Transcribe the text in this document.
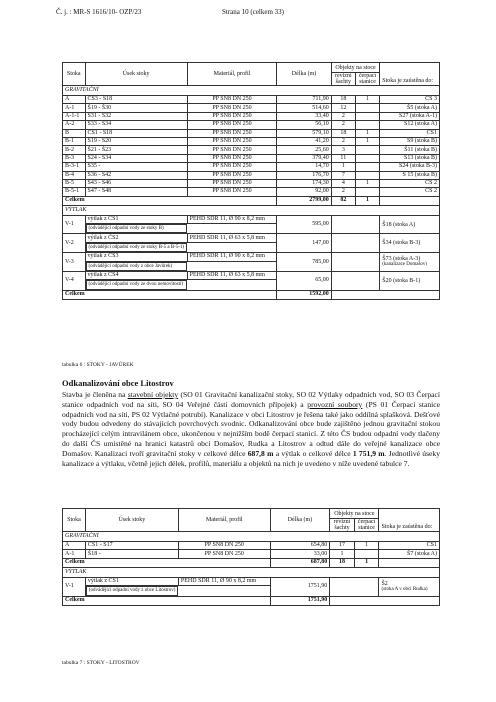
Č. j. : MR-S 1616/10- OZP/23	Strana 10 (celkem 33)
Stoka	Úsek stoky	Materiál, profil	Délka (m)	Objekty na stoce		Stoka je zaústěna do:
				revizní šachty	čerpací stanice	
GRAVITAČNÍ						
A	ČS3 - Š18	PP SN8 DN 250	711,90	18	1	ČS 3
A-1	Š19 - Š30	PP SN8 DN 250	514,60	12		Š5 (stoka A)
A-1-1	Š31 - Š32	PP SN8 DN 250	33,40	2		Š27 (stoka A-1)
A-2	Š33 - Š34	PP SN8 DN 250	56,10	2		Š12 (stoka A)
B	ČS1 - Š18	PP SN8 DN 250	579,10	18	1	ČS1
B-1	Š19 - Š20	PP SN8 DN 250	41,20	2	1	Š9 (stoka B)
B-2	Š21 - Š23	PP SN8 DN 250	25,60	3		Š11 (stoka B)
B-3	Š24 - Š34	PP SN8 DN 250	379,40	11		Š13 (stoka B)
B-3-1	Š35 -	PP SN8 DN 250	14,70	1		Š24 (stoka B-3)
B-4	Š36 - Š42	PP SN8 DN 250	176,70	7		Š 15 (stoka B)
B-5	Š43 - Š46	PP SN8 DN 250	174,30	4	1	ČS 2
B-5-1	Š47 - Š48	PP SN8 DN 250	92,00	2		ČS 2
Celkem			2799,00	82	1	
VÝTLAK						
V-1	výtlak z ČS1	PEHD SDR 11, Ø 90 x 8,2 mm	595,00			Š18 (stoka A)

(odvádějící odpadní vody ze stoky B)

V-2	výtlak z ČS2	PEHD SDR 11, Ø 63 x 5,8 mm	147,00			Š34 (stoka B-3)

(odvádějící odpadní vody ze stoky B-5 a B-5-1)

V-3	výtlak z ČS3	PEHD SDR 11, Ø 90 x 8,2 mm	785,00			Š73 (stoka A-3)
(kanalizace Domašov)

(odvádějící odpadní vody z obce Javůrek)

V-4	výtlak z ČS4	PEHD SDR 11, Ø 63 x 5,8 mm	65,00			Š20 (stoka B-1)

(odvádějící odpadní vody ze dvou nemovitostí)

Celkem			1592,00			
tabulka 6 : STOKY - JAVŮREK
Odkanalizování obce Litostrov
Stavba je členěna na stavební objekty (SO 01 Gravitační kanalizační stoky, SO 02 Výtlaky odpadních vod, SO 03 Čerpací stanice odpadních vod na síti, SO 04 Veřejné části domovních přípojek) a provozní soubory (PS 01 Čerpací stanice odpadních vod na síti, PS 02 Výtlačné potrubí). Kanalizace v obci Litostrov je řešena také jako oddílná splašková. Dešťové vody budou odvedeny do stávajících povrchových svodnic. Odkanalizování obce bude zajištěno jednou gravitační stokou procházející celým intravilánem obce, ukončenou v nejnižším bodě čerpací stanicí. Z této ČS budou odpadní vody tlačeny do další ČS umístěné na hranici katastrů obcí Domašov, Rudka a Litostrov a odtud dále do veřejné kanalizace obce Domašov. Kanalizaci tvoří gravitační stoky v celkové délce 687,8 m a výtlak o celkové délce 1 751,9 m. Jednotlivé úseky kanalizace a výtlaku, včetně jejich délek, profilů, materiálu a objektů na nich je uvedeno v níže uvedené tabulce 7.
Stoka	Úsek stoky	Materiál, profil	Délka (m)	Objekty na stoce		Stoka je zaústěna do:
				revizní šachty	čerpací stanice	
GRAVITAČNÍ						
A	ČS1 - Š17	PP SN8 DN 250	654,80	17	1	ČS1
A-1	Š18 -	PP SN8 DN 250	33,00	1		Š7 (stoka A)
Celkem			687,80	18	1	
VÝTLAK						
V-1	výtlak z ČS1	PEHD SDR 11, Ø 90 x 8,2 mm	1751,90			Š2
(stoka A v obci Rudka)

(odvádějící odpadní vody z obce Litostrov)

Celkem			1751,90			
tabulka 7 : STOKY - LITOSTROV
